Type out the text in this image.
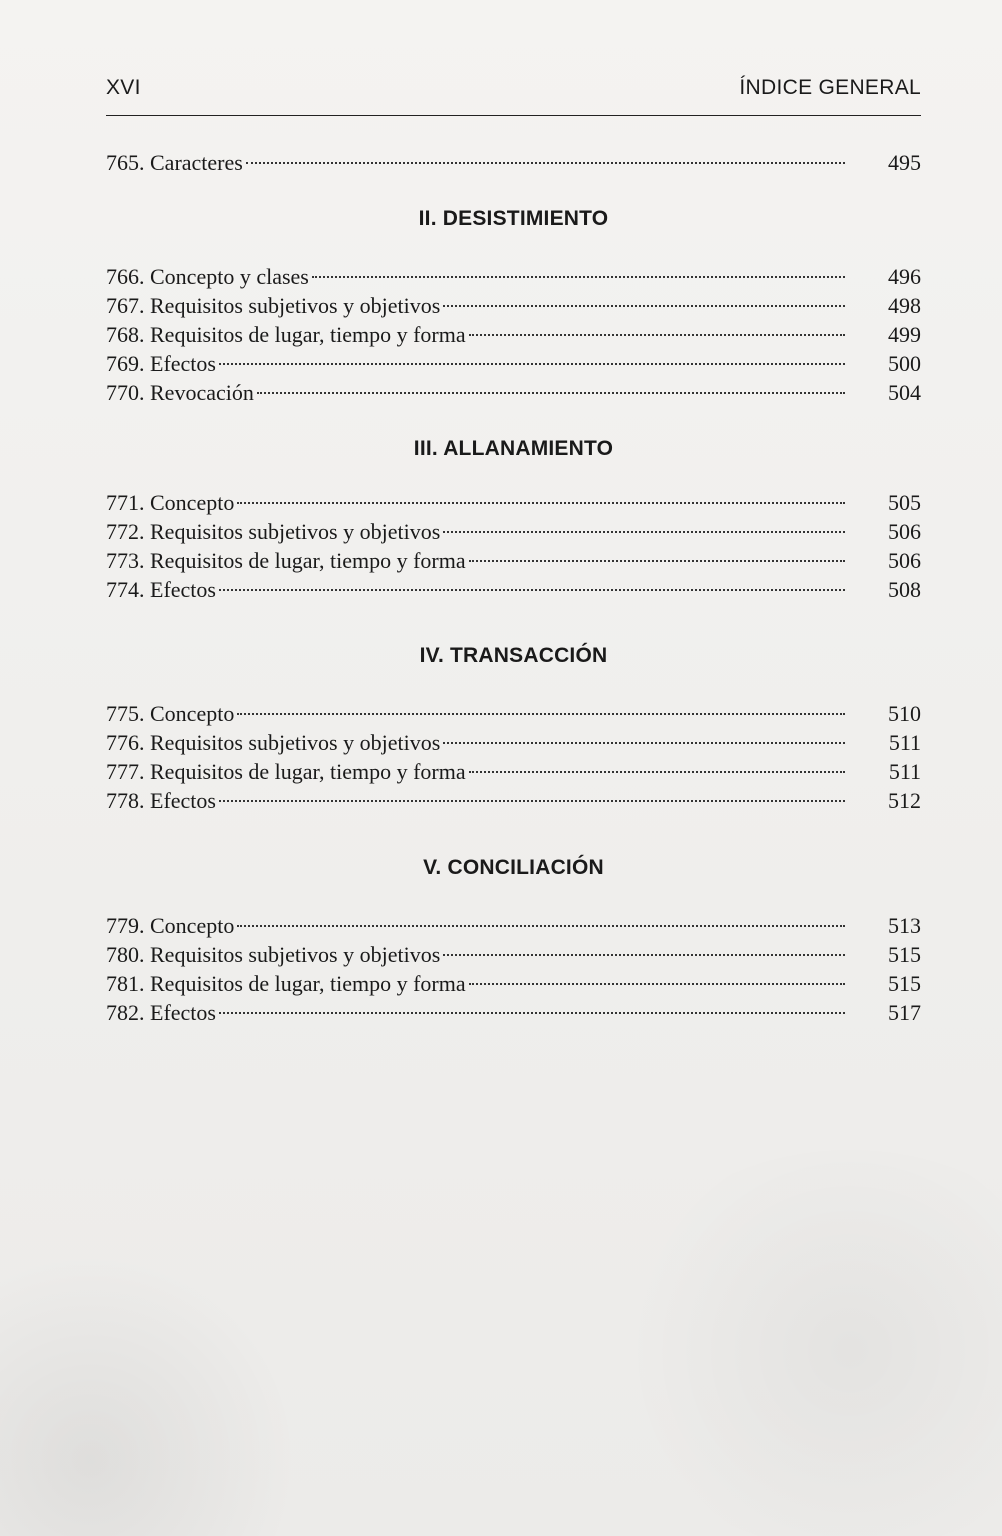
XVI	ÍNDICE GENERAL
765. Caracteres	495
II. DESISTIMIENTO
766. Concepto y clases	496
767. Requisitos subjetivos y objetivos	498
768. Requisitos de lugar, tiempo y forma	499
769. Efectos	500
770. Revocación	504
III. ALLANAMIENTO
771. Concepto	505
772. Requisitos subjetivos y objetivos	506
773. Requisitos de lugar, tiempo y forma	506
774. Efectos	508
IV. TRANSACCIÓN
775. Concepto	510
776. Requisitos subjetivos y objetivos	511
777. Requisitos de lugar, tiempo y forma	511
778. Efectos	512
V. CONCILIACIÓN
779. Concepto	513
780. Requisitos subjetivos y objetivos	515
781. Requisitos de lugar, tiempo y forma	515
782. Efectos	517
